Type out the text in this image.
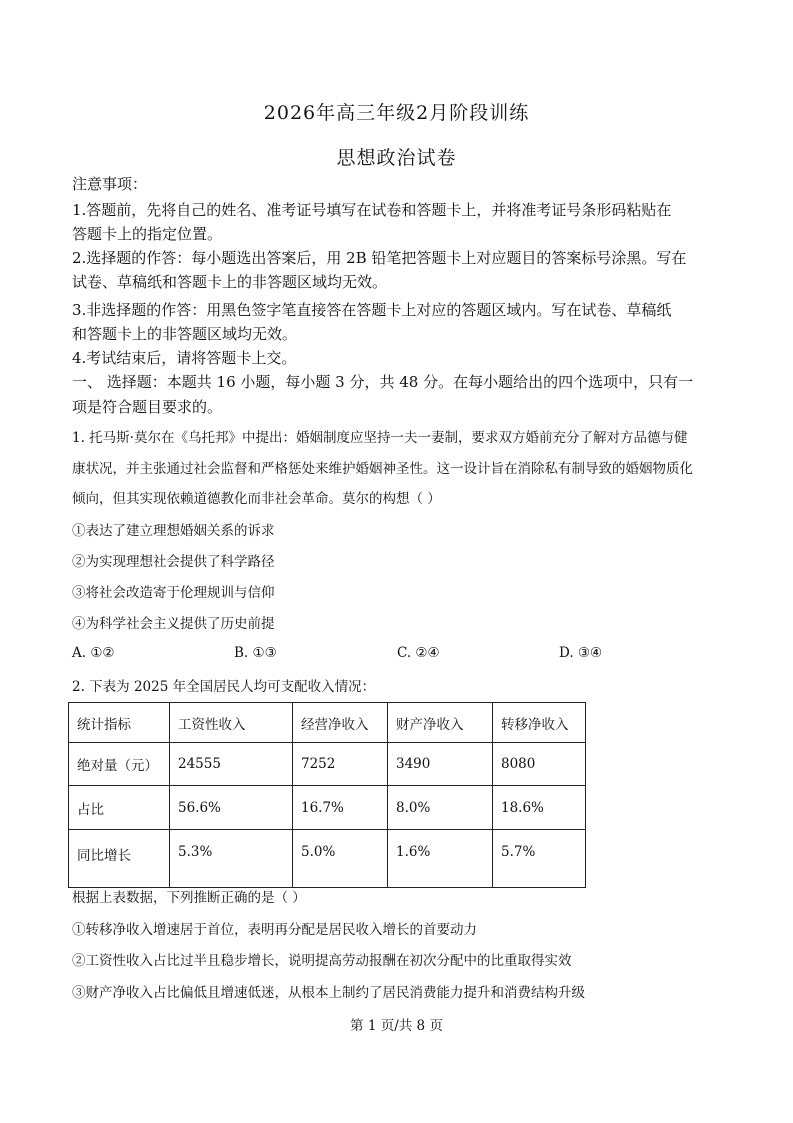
2026年高三年级2月阶段训练
思想政治试卷
注意事项：
1.答题前，先将自己的姓名、准考证号填写在试卷和答题卡上，并将准考证号条形码粘贴在
答题卡上的指定位置。
2.选择题的作答：每小题选出答案后，用 2B 铅笔把答题卡上对应题目的答案标号涂黑。写在
试卷、草稿纸和答题卡上的非答题区域均无效。
3.非选择题的作答：用黑色签字笔直接答在答题卡上对应的答题区域内。写在试卷、草稿纸
和答题卡上的非答题区域均无效。
4.考试结束后，请将答题卡上交。
一、 选择题：本题共 16 小题，每小题 3 分，共 48 分。在每小题给出的四个选项中，只有一
项是符合题目要求的。
1. 托马斯·莫尔在《乌托邦》中提出：婚姻制度应坚持一夫一妻制，要求双方婚前充分了解对方品德与健
康状况，并主张通过社会监督和严格惩处来维护婚姻神圣性。这一设计旨在消除私有制导致的婚姻物质化
倾向，但其实现依赖道德教化而非社会革命。莫尔的构想（ ）
①表达了建立理想婚姻关系的诉求
②为实现理想社会提供了科学路径
③将社会改造寄于伦理规训与信仰
④为科学社会主义提供了历史前提
A. ①②	B. ①③	C. ②④	D. ③④
2. 下表为 2025 年全国居民人均可支配收入情况：
统计指标	工资性收入	经营净收入	财产净收入	转移净收入
绝对量（元）	24555	7252	3490	8080
占比	56.6%	16.7%	8.0%	18.6%
同比增长	5.3%	5.0%	1.6%	5.7%
根据上表数据，下列推断正确的是（ ）
①转移净收入增速居于首位，表明再分配是居民收入增长的首要动力
②工资性收入占比过半且稳步增长，说明提高劳动报酬在初次分配中的比重取得实效
③财产净收入占比偏低且增速低迷，从根本上制约了居民消费能力提升和消费结构升级
第 1 页/共 8 页
